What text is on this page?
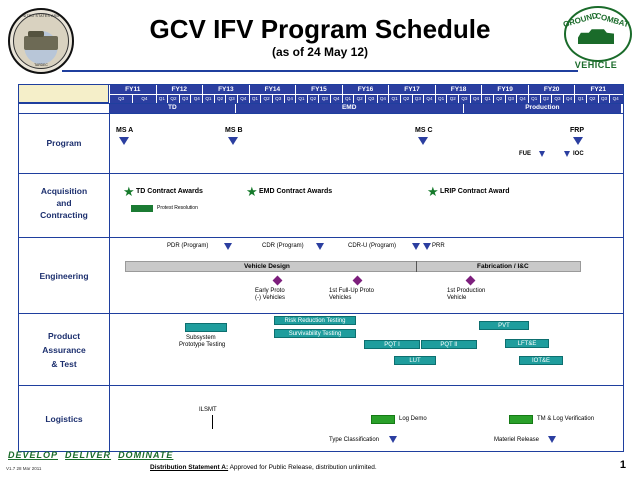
UNITED STATES ARMY
TARDEC
GCV IFV Program Schedule
(as of 24 May 12)
GROUND
COMBAT
VEHICLE
FY11	FY12	FY13	FY14	FY15	FY16	FY17	FY18	FY19	FY20	FY21
Q3	Q4	Q1	Q2	Q3	Q4	Q1	Q2	Q3	Q4	Q1	Q2	Q3	Q4	Q1	Q2	Q3	Q4	Q1	Q2	Q3	Q4	Q1	Q2	Q3	Q4	Q1	Q2	Q3	Q4	Q1	Q2	Q3	Q4	Q1	Q2	Q3	Q4	Q1	Q2	Q3	Q4
TD	EMD	Production
Program
Acquisition
and
Contracting
Engineering
Product
Assurance
& Test
Logistics
MS A	MS B	MS C	FRP
FUE	IOC
★ TD Contract Awards	★ EMD Contract Awards	★ LRIP Contract Award
Protest Resolution
PDR (Program)	CDR (Program)	CDR-U (Program)	PRR
Vehicle Design	Fabrication / I&C
Early Proto
(-) Vehicles
1st Full-Up Proto
Vehicles
1st Production
Vehicle
Subsystem
Prototype Testing
Risk Reduction Testing
Survivability Testing
PQT I	PQT II
LUT
PVT
LFT&E
IOT&E
ILSMT
Log Demo	TM & Log Verification
Type Classification	Materiel Release
DEVELOP DELIVER DOMINATE
Distribution Statement A: Approved for Public Release, distribution unlimited.	1
V1.7 28 Mar 2011
